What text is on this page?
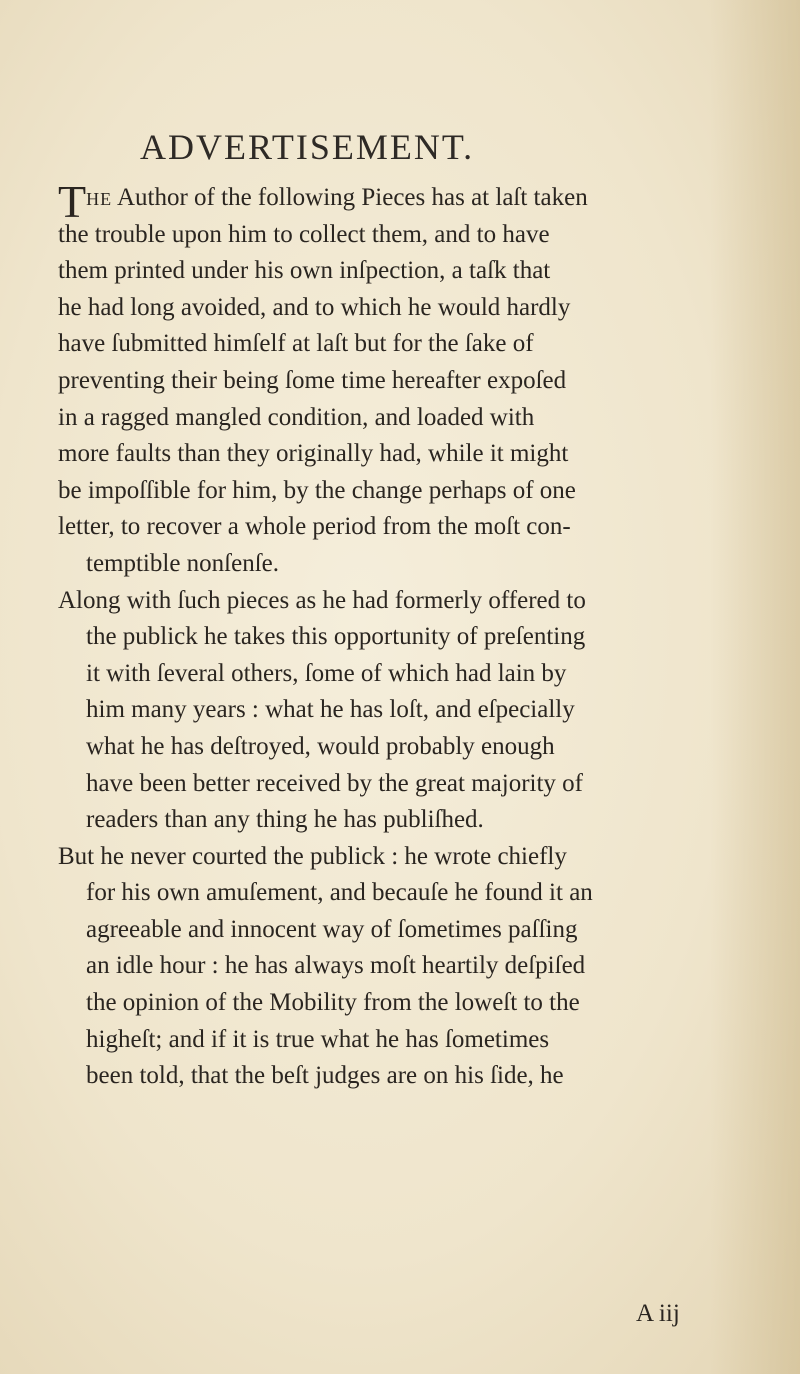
ADVERTISEMENT.
THE Author of the following Pieces has at laſt taken
the trouble upon him to collect them, and to have
them printed under his own inſpection, a taſk that
he had long avoided, and to which he would hardly
have ſubmitted himſelf at laſt but for the ſake of
preventing their being ſome time hereafter expoſed
in a ragged mangled condition, and loaded with
more faults than they originally had, while it might
be impoſſible for him, by the change perhaps of one
letter, to recover a whole period from the moſt con-
temptible nonſenſe.
Along with ſuch pieces as he had formerly offered to
the publick he takes this opportunity of preſenting
it with ſeveral others, ſome of which had lain by
him many years : what he has loſt, and eſpecially
what he has deſtroyed, would probably enough
have been better received by the great majority of
readers than any thing he has publiſhed.
But he never courted the publick : he wrote chiefly
for his own amuſement, and becauſe he found it an
agreeable and innocent way of ſometimes paſſing
an idle hour : he has always moſt heartily deſpiſed
the opinion of the Mobility from the loweſt to the
higheſt; and if it is true what he has ſometimes
been told, that the beſt judges are on his ſide, he
A iij
